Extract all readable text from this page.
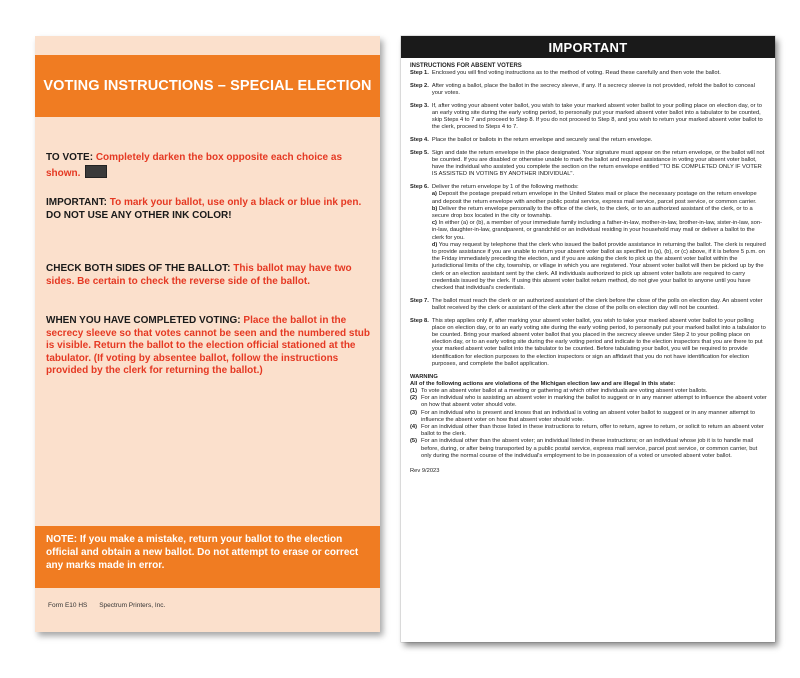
VOTING INSTRUCTIONS – SPECIAL ELECTION
TO VOTE: Completely darken the box opposite each choice as shown.
IMPORTANT: To mark your ballot, use only a black or blue ink pen.
DO NOT USE ANY OTHER INK COLOR!
CHECK BOTH SIDES OF THE BALLOT: This ballot may have two sides. Be certain to check the reverse side of the ballot.
WHEN YOU HAVE COMPLETED VOTING: Place the ballot in the secrecy sleeve so that votes cannot be seen and the numbered stub is visible. Return the ballot to the election official stationed at the tabulator. (If voting by absentee ballot, follow the instructions provided by the clerk for returning the ballot.)
NOTE: If you make a mistake, return your ballot to the election official and obtain a new ballot. Do not attempt to erase or correct any marks made in error.
Form E10 HS Spectrum Printers, Inc.
IMPORTANT
INSTRUCTIONS FOR ABSENT VOTERS
Step 1. Enclosed you will find voting instructions as to the method of voting. Read these carefully and then vote the ballot.
Step 2. After voting a ballot, place the ballot in the secrecy sleeve, if any. If a secrecy sleeve is not provided, refold the ballot to conceal your votes.
Step 3. If, after voting your absent voter ballot, you wish to take your marked absent voter ballot to your polling place on election day, or to an early voting site during the early voting period, to personally put your marked absent voter ballot into a tabulator to be counted, skip Steps 4 to 7 and proceed to Step 8. If you do not proceed to Step 8, and you wish to return your marked absent voter ballot to the clerk, proceed to Steps 4 to 7.
Step 4. Place the ballot or ballots in the return envelope and securely seal the return envelope.
Step 5. Sign and date the return envelope in the place designated. Your signature must appear on the return envelope, or the ballot will not be counted. If you are disabled or otherwise unable to mark the ballot and required assistance in voting your absent voter ballot, have the individual who assisted you complete the section on the return envelope entitled "TO BE COMPLETED ONLY IF VOTER IS ASSISTED IN VOTING BY ANOTHER INDIVIDUAL".
Step 6. Deliver the return envelope by 1 of the following methods:
a) Deposit the postage prepaid return envelope in the United States mail or place the necessary postage on the return envelope and deposit the return envelope with another public postal service, express mail service, parcel post service, or common carrier.
b) Deliver the return envelope personally to the office of the clerk, to the clerk, or to an authorized assistant of the clerk, or to a secure drop box located in the city or township.
c) In either (a) or (b), a member of your immediate family including a father-in-law, mother-in-law, brother-in-law, sister-in-law, son-in-law, daughter-in-law, grandparent, or grandchild or an individual residing in your household may mail or deliver a ballot to the clerk for you.
d) You may request by telephone that the clerk who issued the ballot provide assistance in returning the ballot. The clerk is required to provide assistance if you are unable to return your absent voter ballot as specified in (a), (b), or (c) above, if it is before 5 p.m. on the Friday immediately preceding the election, and if you are asking the clerk to pick up the absent voter ballot within the jurisdictional limits of the city, township, or village in which you are registered. Your absent voter ballot will then be picked up by the clerk or an election assistant sent by the clerk. All individuals authorized to pick up absent voter ballots are required to carry credentials issued by the clerk. If using this absent voter ballot return method, do not give your ballot to anyone until you have checked that individual's credentials.
Step 7. The ballot must reach the clerk or an authorized assistant of the clerk before the close of the polls on election day. An absent voter ballot received by the clerk or assistant of the clerk after the close of the polls on election day will not be counted.
Step 8. This step applies only if, after marking your absent voter ballot, you wish to take your marked absent voter ballot to your polling place on election day, or to an early voting site during the early voting period, to personally put your marked ballot into a tabulator to be counted. Bring your marked absent voter ballot that you placed in the secrecy sleeve under Step 2 to your polling place on election day, or to an early voting site during the early voting period and indicate to the election inspectors that you are there to put your marked absent voter ballot into the tabulator to be counted. Before tabulating your ballot, you will be required to provide identification for election purposes to the election inspectors or sign an affidavit that you do not have identification for election purposes, and complete the ballot application.
WARNING
All of the following actions are violations of the Michigan election law and are illegal in this state:
(1) To vote an absent voter ballot at a meeting or gathering at which other individuals are voting absent voter ballots.
(2) For an individual who is assisting an absent voter in marking the ballot to suggest or in any manner attempt to influence the absent voter on how that absent voter should vote.
(3) For an individual who is present and knows that an individual is voting an absent voter ballot to suggest or in any manner attempt to influence the absent voter on how that absent voter should vote.
(4) For an individual other than those listed in these instructions to return, offer to return, agree to return, or solicit to return an absent voter ballot to the clerk.
(5) For an individual other than the absent voter; an individual listed in these instructions; or an individual whose job it is to handle mail before, during, or after being transported by a public postal service, express mail service, parcel post service, or common carrier, but only during the normal course of the individual's employment to be in possession of a voted or unvoted absent voter ballot.
Rev 9/2023
